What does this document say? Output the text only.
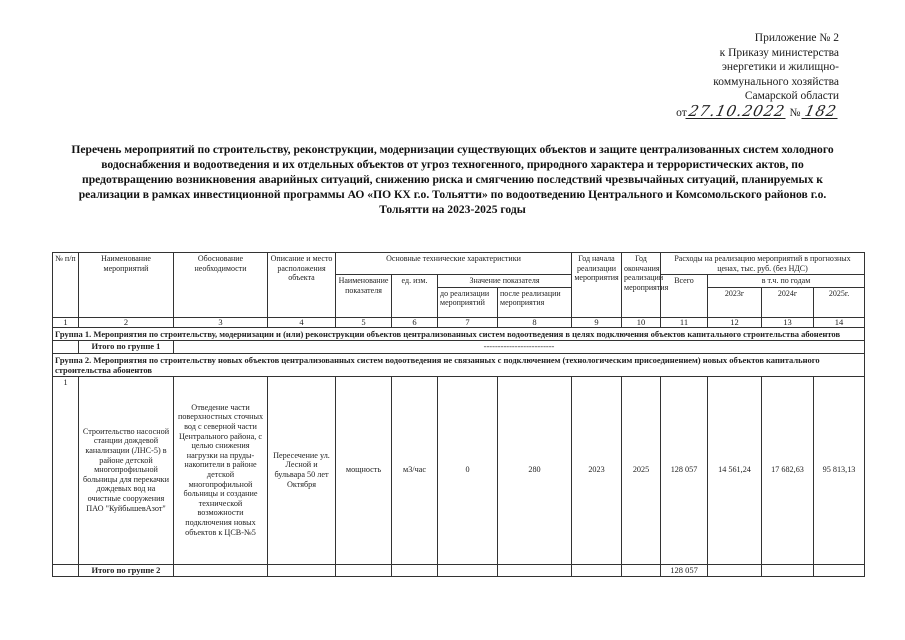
Приложение № 2
к Приказу министерства
энергетики и жилищно-
коммунального хозяйства
Самарской области
от27.10.2022 № 182
Перечень мероприятий по строительству, реконструкции, модернизации существующих объектов и защите централизованных систем холодного водоснабжения и водоотведения и их отдельных объектов от угроз техногенного, природного характера и террористических актов, по предотвращению возникновения аварийных ситуаций, снижению риска и смягчению последствий чрезвычайных ситуаций, планируемых к реализации в рамках инвестиционной программы АО «ПО КХ г.о. Тольятти» по водоотведению Центрального и Комсомольского районов г.о. Тольятти на 2023-2025 годы
№ п/п	Наименование мероприятий	Обоснование необходимости	Описание и место расположения объекта	Основные технические характеристики				Год начала реализации мероприятия	Год окончания реализации мероприятия	Расходы на реализацию мероприятий в прогнозных ценах, тыс. руб. (без НДС)			
				Наименование показателя	ед. изм.	Значение показателя				Всего	в т.ч. по годам		
						до реализации мероприятий	после реализации мероприятия				2023г	2024г	2025г.
1	2	3	4	5	6	7	8	9	10	11	12	13	14
Группа 1. Мероприятия по строительству, модернизации и (или) реконструкции объектов централизованных систем водоотведения в целях подключения объектов капитального строительства абонентов													
	Итого по группе 1	-------------------------											
Группа 2. Мероприятия по строительству новых объектов централизованных систем водоотведения не связанных с подключением (технологическим присоединением) новых объектов капитального строительства абонентов													
1	Строительство насосной станции дождевой канализации (ЛНС-5) в районе детской многопрофильной больницы для перекачки дождевых вод на очистные сооружения ПАО "КуйбышевАзот"	Отведение части поверхностных сточных вод с северной части Центрального района, с целью снижения нагрузки на пруды-накопители в районе детской многопрофильной больницы и создание технической возможности подключения новых объектов к ЦСВ-№5	Пересечение ул. Лесной и бульвара 50 лет Октября	мощность	м3/час	0	280	2023	2025	128 057	14 561,24	17 682,63	95 813,13
	Итого по группе 2									128 057			
